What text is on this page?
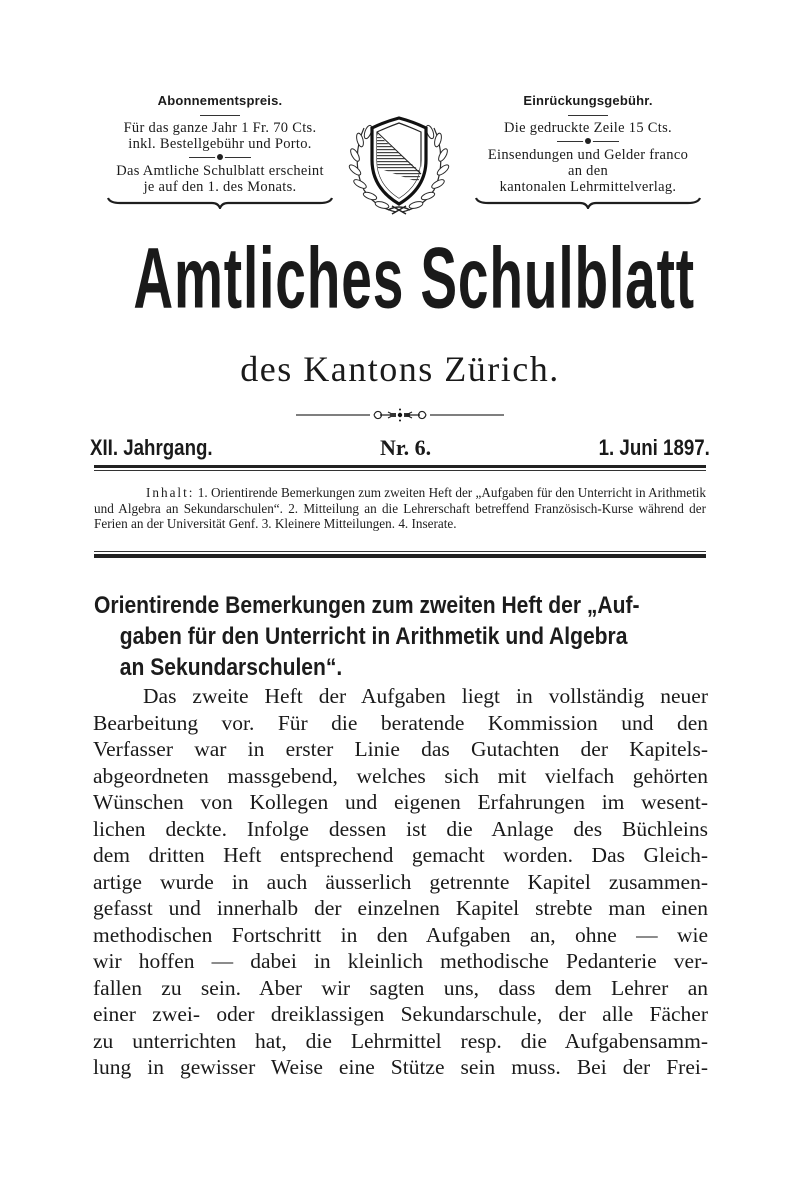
Abonnementspreis.
Für das ganze Jahr 1 Fr. 70 Cts.
inkl. Bestellgebühr und Porto.
Das Amtliche Schulblatt erscheint
je auf den 1. des Monats.
Einrückungsgebühr.
Die gedruckte Zeile 15 Cts.
Einsendungen und Gelder franco
an den
kantonalen Lehrmittelverlag.
Amtliches Schulblatt
des Kantons Zürich.
XII. Jahrgang.	Nr. 6.	1. Juni 1897.
Inhalt: 1. Orientirende Bemerkungen zum zweiten Heft der „Aufgaben für den Unterricht in Arithmetik und Algebra an Sekundarschulen“. 2. Mitteilung an die Lehrerschaft betreffend Französisch-Kurse während der Ferien an der Universität Genf. 3. Kleinere Mitteilungen. 4. Inserate.
Orientirende Bemerkungen zum zweiten Heft der „Auf-
gaben für den Unterricht in Arithmetik und Algebra
an Sekundarschulen“.
Das zweite Heft der Aufgaben liegt in vollständig neuer
Bearbeitung vor. Für die beratende Kommission und den
Verfasser war in erster Linie das Gutachten der Kapitels-
abgeordneten massgebend, welches sich mit vielfach gehörten
Wünschen von Kollegen und eigenen Erfahrungen im wesent-
lichen deckte. Infolge dessen ist die Anlage des Büchleins
dem dritten Heft entsprechend gemacht worden. Das Gleich-
artige wurde in auch äusserlich getrennte Kapitel zusammen-
gefasst und innerhalb der einzelnen Kapitel strebte man einen
methodischen Fortschritt in den Aufgaben an, ohne — wie
wir hoffen — dabei in kleinlich methodische Pedanterie ver-
fallen zu sein. Aber wir sagten uns, dass dem Lehrer an
einer zwei- oder dreiklassigen Sekundarschule, der alle Fächer
zu unterrichten hat, die Lehrmittel resp. die Aufgabensamm-
lung in gewisser Weise eine Stütze sein muss. Bei der Frei-
